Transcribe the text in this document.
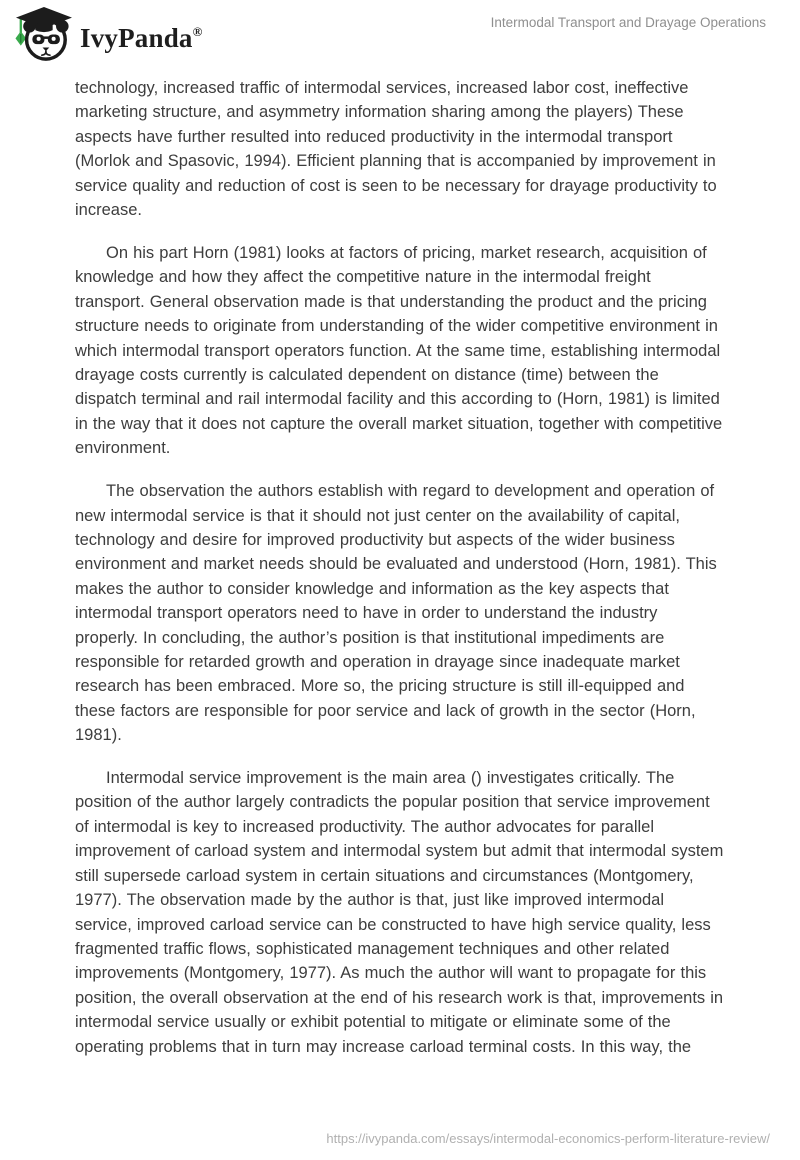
IvyPanda®
Intermodal Transport and Drayage Operations

technology, increased traffic of intermodal services, increased labor cost, ineffective marketing structure, and asymmetry information sharing among the players) These aspects have further resulted into reduced productivity in the intermodal transport (Morlok and Spasovic, 1994). Efficient planning that is accompanied by improvement in service quality and reduction of cost is seen to be necessary for drayage productivity to increase.

On his part Horn (1981) looks at factors of pricing, market research, acquisition of knowledge and how they affect the competitive nature in the intermodal freight transport. General observation made is that understanding the product and the pricing structure needs to originate from understanding of the wider competitive environment in which intermodal transport operators function. At the same time, establishing intermodal drayage costs currently is calculated dependent on distance (time) between the dispatch terminal and rail intermodal facility and this according to (Horn, 1981) is limited in the way that it does not capture the overall market situation, together with competitive environment.

The observation the authors establish with regard to development and operation of new intermodal service is that it should not just center on the availability of capital, technology and desire for improved productivity but aspects of the wider business environment and market needs should be evaluated and understood (Horn, 1981). This makes the author to consider knowledge and information as the key aspects that intermodal transport operators need to have in order to understand the industry properly. In concluding, the author’s position is that institutional impediments are responsible for retarded growth and operation in drayage since inadequate market research has been embraced. More so, the pricing structure is still ill-equipped and these factors are responsible for poor service and lack of growth in the sector (Horn, 1981).

Intermodal service improvement is the main area () investigates critically. The position of the author largely contradicts the popular position that service improvement of intermodal is key to increased productivity. The author advocates for parallel improvement of carload system and intermodal system but admit that intermodal system still supersede carload system in certain situations and circumstances (Montgomery, 1977). The observation made by the author is that, just like improved intermodal service, improved carload service can be constructed to have high service quality, less fragmented traffic flows, sophisticated management techniques and other related improvements (Montgomery, 1977). As much the author will want to propagate for this position, the overall observation at the end of his research work is that, improvements in intermodal service usually or exhibit potential to mitigate or eliminate some of the operating problems that in turn may increase carload terminal costs. In this way, the

https://ivypanda.com/essays/intermodal-economics-perform-literature-review/
